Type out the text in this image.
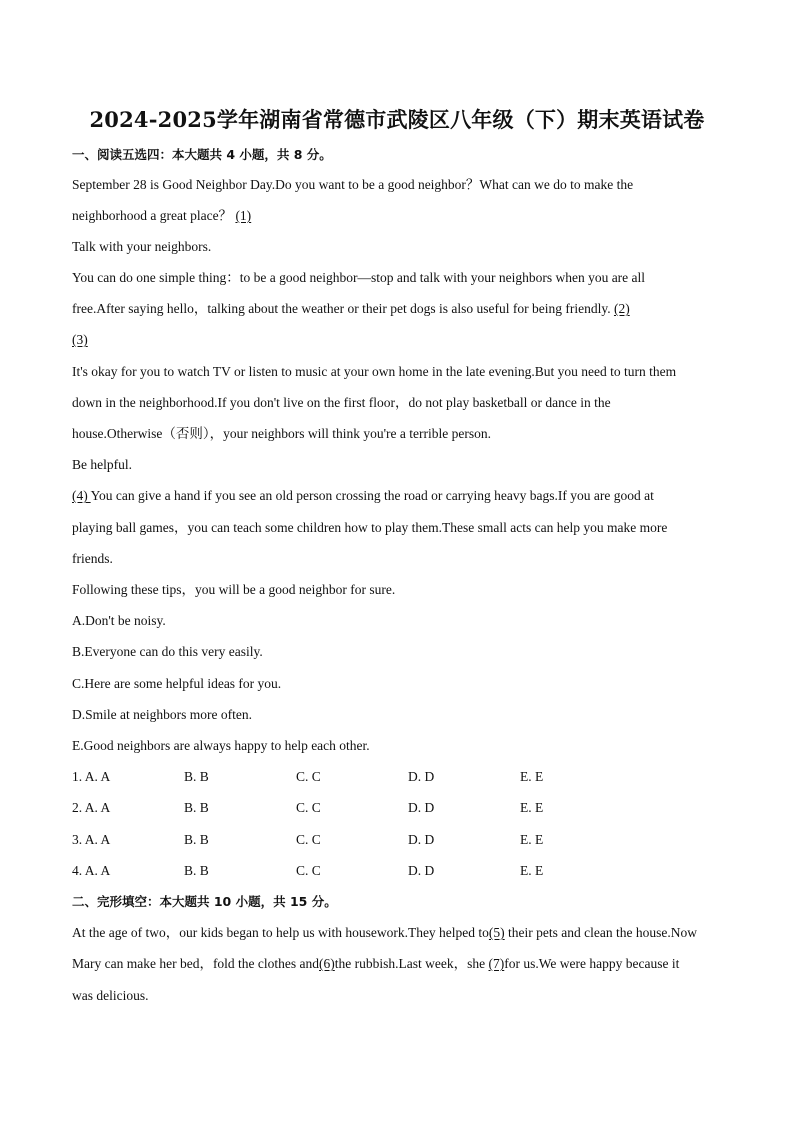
2024-2025学年湖南省常德市武陵区八年级（下）期末英语试卷
一、阅读五选四：本大题共 4 小题，共 8 分。
September 28 is Good Neighbor Day.Do you want to be a good neighbor？What can we do to make the
neighborhood a great place？ (1)
Talk with your neighbors.
You can do one simple thing：to be a good neighbor—stop and talk with your neighbors when you are all
free.After saying hello，talking about the weather or their pet dogs is also useful for being friendly. (2)
(3)
It's okay for you to watch TV or listen to music at your own home in the late evening.But you need to turn them
down in the neighborhood.If you don't live on the first floor，do not play basketball or dance in the
house.Otherwise（否则），your neighbors will think you're a terrible person.
Be helpful.
(4) You can give a hand if you see an old person crossing the road or carrying heavy bags.If you are good at
playing ball games，you can teach some children how to play them.These small acts can help you make more
friends.
Following these tips，you will be a good neighbor for sure.
A.Don't be noisy.
B.Everyone can do this very easily.
C.Here are some helpful ideas for you.
D.Smile at neighbors more often.
E.Good neighbors are always happy to help each other.
1. A. A	B. B	C. C	D. D	E. E
2. A. A	B. B	C. C	D. D	E. E
3. A. A	B. B	C. C	D. D	E. E
4. A. A	B. B	C. C	D. D	E. E
二、完形填空：本大题共 10 小题，共 15 分。
At the age of two，our kids began to help us with housework.They helped to(5) their pets and clean the house.Now
Mary can make her bed，fold the clothes and(6)the rubbish.Last week，she (7)for us.We were happy because it
was delicious.
